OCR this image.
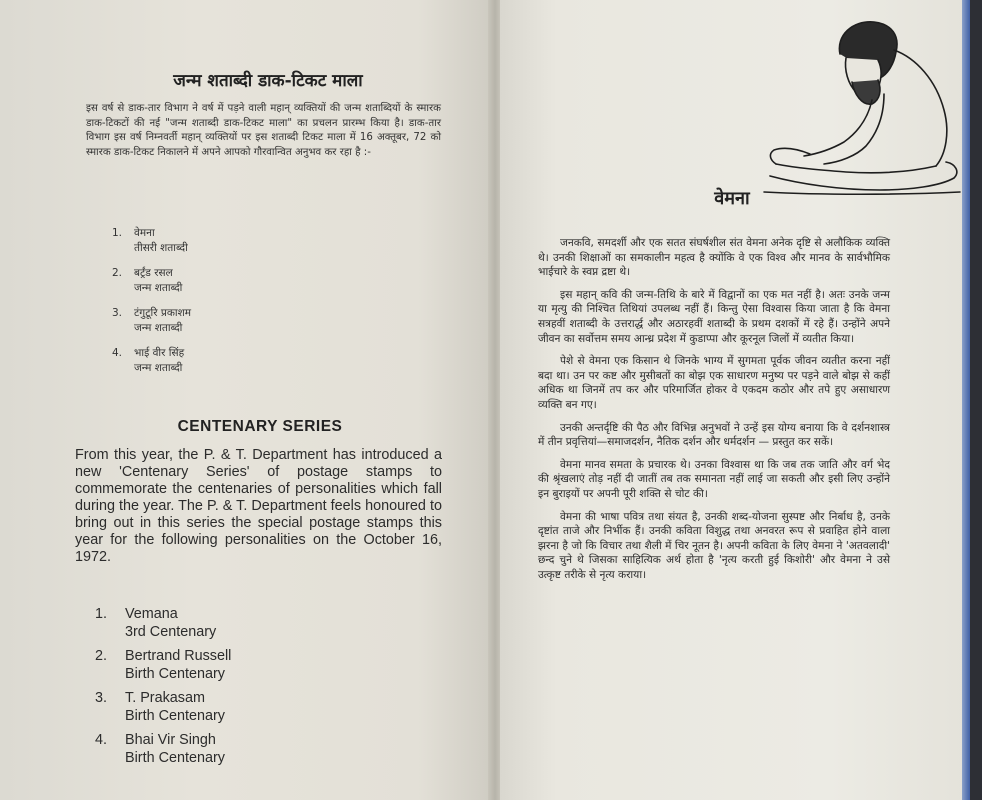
जन्म शताब्दी डाक-टिकट माला
इस वर्ष से डाक-तार विभाग ने वर्ष में पड़ने वाली महान् व्यक्तियों की जन्म शताब्दियों के स्मारक डाक-टिकटों की नई "जन्म शताब्दी डाक-टिकट माला" का प्रचलन प्रारम्भ किया है। डाक-तार विभाग इस वर्ष निम्नवर्ती महान् व्यक्तियों पर इस शताब्दी टिकट माला में 16 अक्तूबर, 72 को स्मारक डाक-टिकट निकालने में अपने आपको गौरवान्वित अनुभव कर रहा है :-
1. वेमना
तीसरी शताब्दी
2. बर्ट्रंड रसल
जन्म शताब्दी
3. टंगुटूरि प्रकाशम
जन्म शताब्दी
4. भाई वीर सिंह
जन्म शताब्दी
CENTENARY SERIES
From this year, the P. & T. Department has introduced a new 'Centenary Series' of postage stamps to commemorate the centenaries of personalities which fall during the year. The P. & T. Department feels honoured to bring out in this series the special postage stamps this year for the following personalities on the October 16, 1972.
1. Vemana
3rd Centenary
2. Bertrand Russell
Birth Centenary
3. T. Prakasam
Birth Centenary
4. Bhai Vir Singh
Birth Centenary
वेमना

जनकवि, समदर्शी और एक सतत संघर्षशील संत वेमना अनेक दृष्टि से अलौकिक व्यक्ति थे। उनकी शिक्षाओं का समकालीन महत्व है क्योंकि वे एक विश्व और मानव के सार्वभौमिक भाईचारे के स्वप्न द्रष्टा थे।

इस महान् कवि की जन्म-तिथि के बारे में विद्वानों का एक मत नहीं है। अतः उनके जन्म या मृत्यु की निश्चित तिथियां उपलब्ध नहीं हैं। किन्तु ऐसा विश्वास किया जाता है कि वेमना सत्रहवीं शताब्दी के उत्तरार्द्ध और अठारहवीं शताब्दी के प्रथम दशकों में रहे हैं। उन्होंने अपने जीवन का सर्वोत्तम समय आन्ध्र प्रदेश में कुडाप्पा और कूरनूल जिलों में व्यतीत किया।

पेशे से वेमना एक किसान थे जिनके भाग्य में सुगमता पूर्वक जीवन व्यतीत करना नहीं बदा था। उन पर कष्ट और मुसीबतों का बोझ एक साधारण मनुष्य पर पड़ने वाले बोझ से कहीं अधिक था जिनमें तप कर और परिमार्जित होकर वे एकदम कठोर और तपे हुए असाधारण व्यक्ति बन गए।

उनकी अन्तर्दृष्टि की पैठ और विभिन्न अनुभवों ने उन्हें इस योग्य बनाया कि वे दर्शनशास्त्र में तीन प्रवृत्तियां—समाजदर्शन, नैतिक दर्शन और धर्मदर्शन — प्रस्तुत कर सकें।

वेमना मानव समता के प्रचारक थे। उनका विश्वास था कि जब तक जाति और वर्ग भेद की श्रृंखलाएं तोड़ नहीं दी जातीं तब तक समानता नहीं लाई जा सकती और इसी लिए उन्होंने इन बुराइयों पर अपनी पूरी शक्ति से चोट की।

वेमना की भाषा पवित्र तथा संयत है, उनकी शब्द-योजना सुस्पष्ट और निर्बाध है, उनके दृष्टांत ताजे और निर्भीक हैं। उनकी कविता विशुद्ध तथा अनवरत रूप से प्रवाहित होने वाला झरना है जो कि विचार तथा शैली में चिर नूतन है। अपनी कविता के लिए वेमना ने 'अतवलादी' छन्द चुने थे जिसका साहित्यिक अर्थ होता है 'नृत्य करती हुई किशोरी' और वेमना ने उसे उत्कृष्ट तरीके से नृत्य कराया।
